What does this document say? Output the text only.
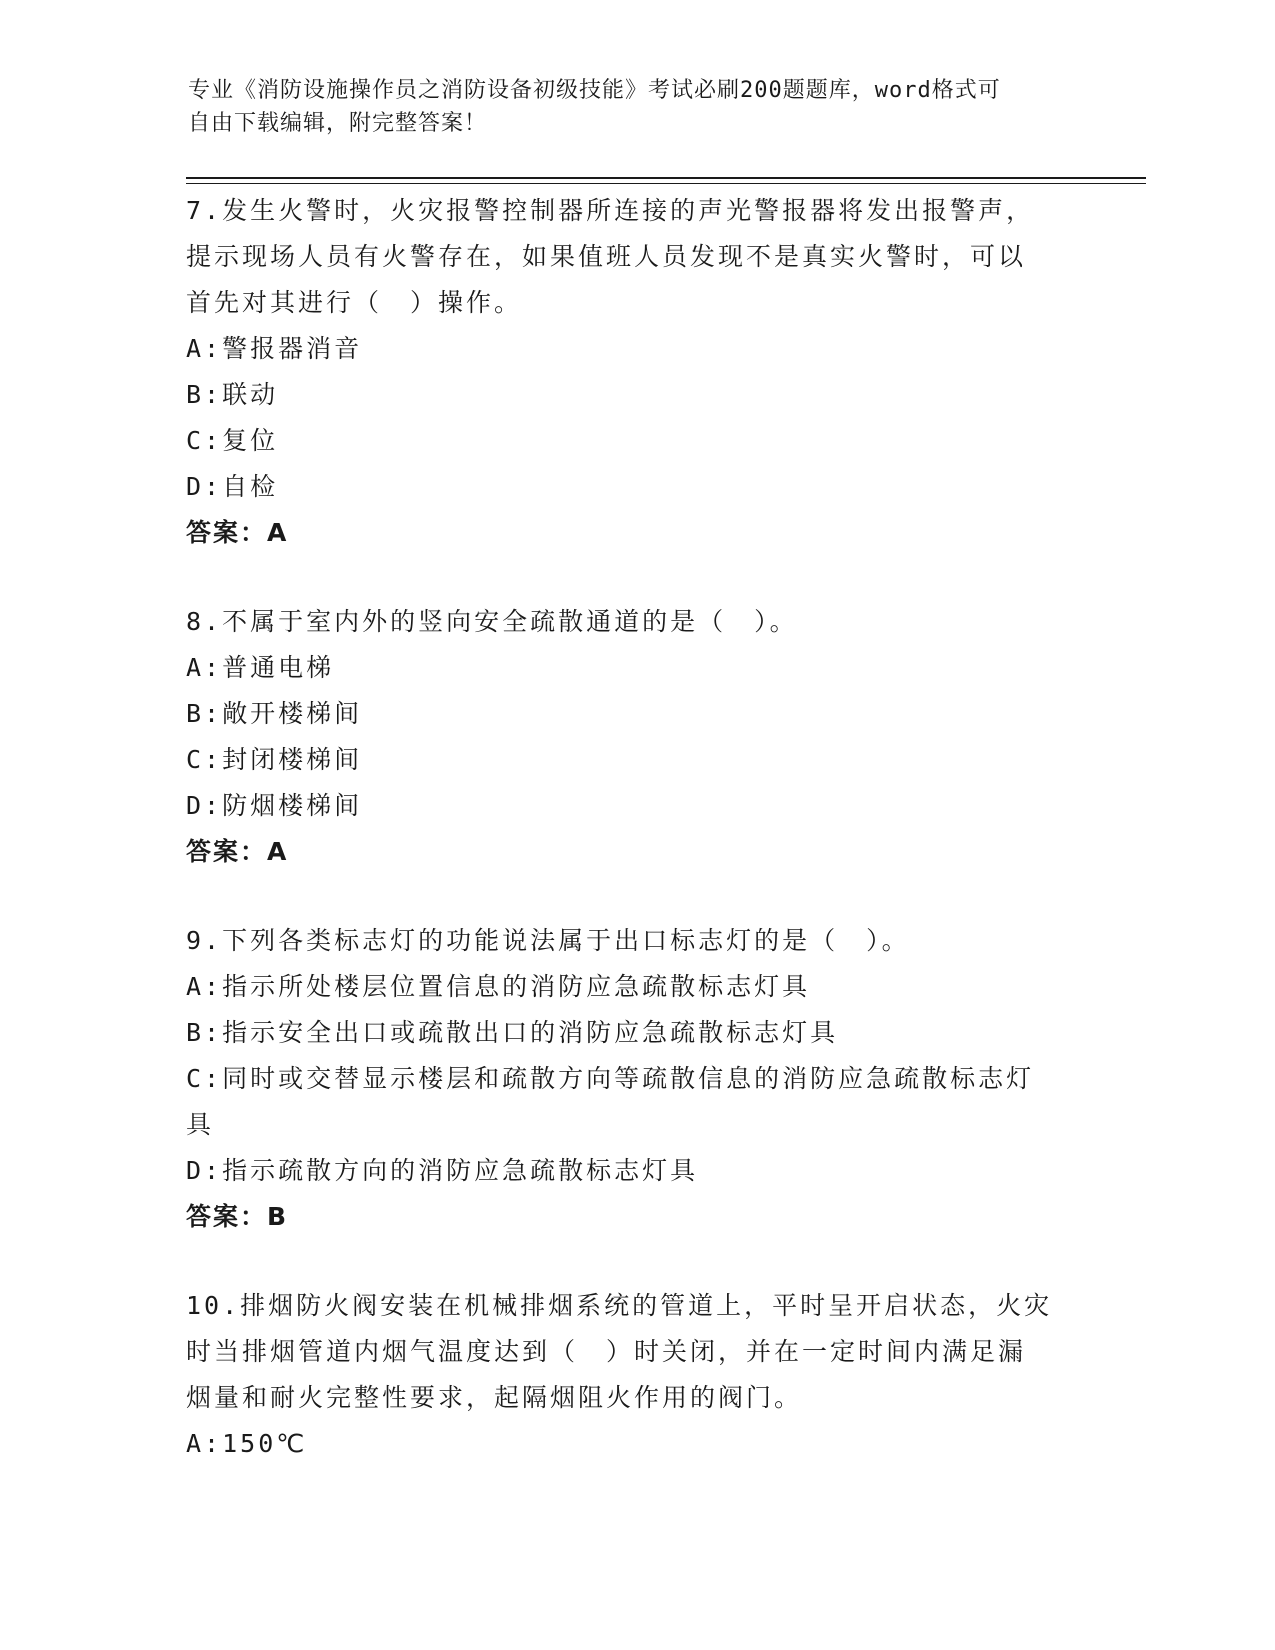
专业《消防设施操作员之消防设备初级技能》考试必刷200题题库，word格式可
自由下载编辑，附完整答案！
7.发生火警时，火灾报警控制器所连接的声光警报器将发出报警声，
提示现场人员有火警存在，如果值班人员发现不是真实火警时，可以
首先对其进行（　）操作。
A:警报器消音
B:联动
C:复位
D:自检
答案：A
8.不属于室内外的竖向安全疏散通道的是（　）。
A:普通电梯
B:敞开楼梯间
C:封闭楼梯间
D:防烟楼梯间
答案：A
9.下列各类标志灯的功能说法属于出口标志灯的是（　）。
A:指示所处楼层位置信息的消防应急疏散标志灯具
B:指示安全出口或疏散出口的消防应急疏散标志灯具
C:同时或交替显示楼层和疏散方向等疏散信息的消防应急疏散标志灯
具
D:指示疏散方向的消防应急疏散标志灯具
答案：B
10.排烟防火阀安装在机械排烟系统的管道上，平时呈开启状态，火灾
时当排烟管道内烟气温度达到（　）时关闭，并在一定时间内满足漏
烟量和耐火完整性要求，起隔烟阻火作用的阀门。
A:150℃
